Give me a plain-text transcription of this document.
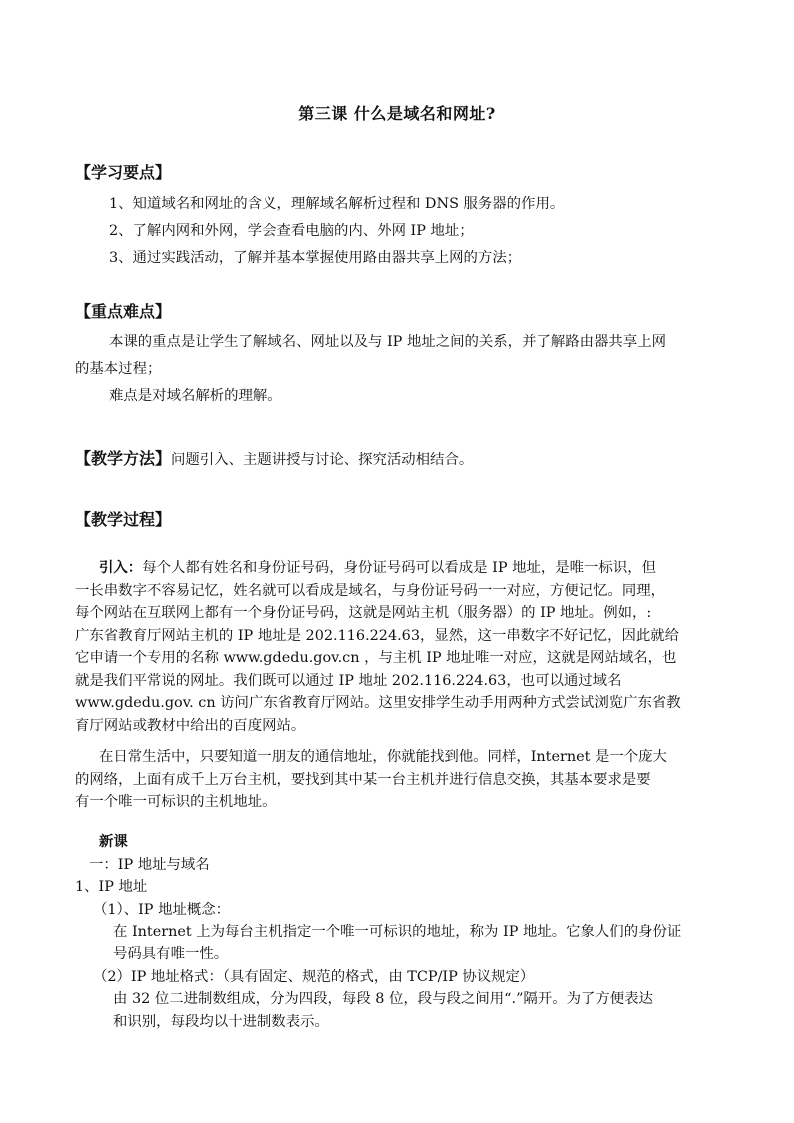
第三课 什么是域名和网址?
【学习要点】
1、知道域名和网址的含义，理解域名解析过程和 DNS 服务器的作用。
2、了解内网和外网，学会查看电脑的内、外网 IP 地址；
3、通过实践活动，了解并基本掌握使用路由器共享上网的方法；
【重点难点】
本课的重点是让学生了解域名、网址以及与 IP 地址之间的关系，并了解路由器共享上网
的基本过程；
难点是对域名解析的理解。
【教学方法】问题引入、主题讲授与讨论、探究活动相结合。
【教学过程】
引入：每个人都有姓名和身份证号码，身份证号码可以看成是 IP 地址，是唯一标识，但
一长串数字不容易记忆，姓名就可以看成是域名，与身份证号码一一对应，方便记忆。同理，
每个网站在互联网上都有一个身份证号码，这就是网站主机（服务器）的 IP 地址。例如，:
广东省教育厅网站主机的 IP 地址是 202.116.224.63，显然，这一串数字不好记忆，因此就给
它申请一个专用的名称 www.gdedu.gov.cn ，与主机 IP 地址唯一对应，这就是网站域名，也
就是我们平常说的网址。我们既可以通过 IP 地址 202.116.224.63，也可以通过域名
www.gdedu.gov. cn 访问广东省教育厅网站。这里安排学生动手用两种方式尝试浏览广东省教
育厅网站或教材中给出的百度网站。
在日常生活中，只要知道一朋友的通信地址，你就能找到他。同样，Internet 是一个庞大
的网络，上面有成千上万台主机，要找到其中某一台主机并进行信息交换，其基本要求是要
有一个唯一可标识的主机地址。
新课
一：IP 地址与域名
1、IP 地址
（1）、IP 地址概念：
在 Internet 上为每台主机指定一个唯一可标识的地址，称为 IP 地址。它象人们的身份证
号码具有唯一性。
（2）IP 地址格式：（具有固定、规范的格式，由 TCP/IP 协议规定）
由 32 位二进制数组成，分为四段，每段 8 位，段与段之间用“.”隔开。为了方便表达
和识别，每段均以十进制数表示。
